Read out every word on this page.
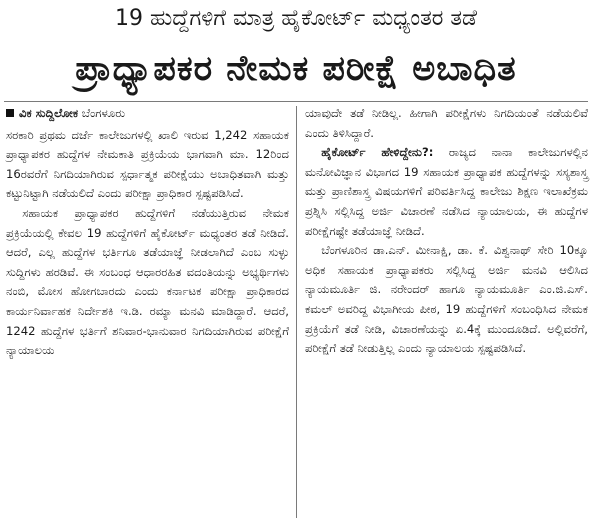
19 ಹುದ್ದೆಗಳಿಗೆ ಮಾತ್ರ ಹೈಕೋರ್ಟ್ ಮಧ್ಯಂತರ ತಡೆ
ಪ್ರಾಧ್ಯಾಪಕರ ನೇಮಕ ಪರೀಕ್ಷೆ ಅಬಾಧಿತ
ವಿಕ ಸುದ್ದಿಲೋಕ ಬೆಂಗಳೂರು

ಸರಕಾರಿ ಪ್ರಥಮ ದರ್ಜೆ ಕಾಲೇಜುಗಳಲ್ಲಿ ಖಾಲಿ ಇರುವ 1,242 ಸಹಾಯಕ ಪ್ರಾಧ್ಯಾಪಕರ ಹುದ್ದೆಗಳ ನೇಮಕಾತಿ ಪ್ರಕ್ರಿಯೆಯ ಭಾಗವಾಗಿ ಮಾ. 12ರಿಂದ 16ರವರೆಗೆ ನಿಗದಿಯಾಗಿರುವ ಸ್ಪರ್ಧಾತ್ಮಕ ಪರೀಕ್ಷೆಯು ಅಬಾಧಿತವಾಗಿ ಮತ್ತು ಕಟ್ಟುನಿಟ್ಟಾಗಿ ನಡೆಯಲಿದೆ ಎಂದು ಪರೀಕ್ಷಾ ಪ್ರಾಧಿಕಾರ ಸ್ಪಷ್ಟಪಡಿಸಿದೆ.

ಸಹಾಯಕ ಪ್ರಾಧ್ಯಾಪಕರ ಹುದ್ದೆಗಳಿಗೆ ನಡೆಯುತ್ತಿರುವ ನೇಮಕ ಪ್ರಕ್ರಿಯೆಯಲ್ಲಿ ಕೇವಲ 19 ಹುದ್ದೆಗಳಿಗೆ ಹೈಕೋರ್ಟ್ ಮಧ್ಯಂತರ ತಡೆ ನೀಡಿದೆ. ಆದರೆ, ಎಲ್ಲ ಹುದ್ದೆಗಳ ಭರ್ತಿಗೂ ತಡೆಯಾಜ್ಞೆ ನೀಡಲಾಗಿದೆ ಎಂಬ ಸುಳ್ಳು ಸುದ್ದಿಗಳು ಹರಡಿವೆ. ಈ ಸಂಬಂಧ ಆಧಾರರಹಿತ ವದಂತಿಯನ್ನು ಅಭ್ಯರ್ಥಿಗಳು ನಂಬಿ, ಮೋಸ ಹೋಗಬಾರದು ಎಂದು ಕರ್ನಾಟಕ ಪರೀಕ್ಷಾ ಪ್ರಾಧಿಕಾರದ ಕಾರ್ಯನಿರ್ವಾಹಕ ನಿರ್ದೇಶಕಿ ಇ.ಡಿ. ರಮ್ಯಾ ಮನವಿ ಮಾಡಿದ್ದಾರೆ. ಆದರೆ, 1242 ಹುದ್ದೆಗಳ ಭರ್ತಿಗೆ ಶನಿವಾರ-ಭಾನುವಾರ ನಿಗದಿಯಾಗಿರುವ ಪರೀಕ್ಷೆಗೆ ನ್ಯಾಯಾಲಯ

ಯಾವುದೇ ತಡೆ ನೀಡಿಲ್ಲ. ಹೀಗಾಗಿ ಪರೀಕ್ಷೆಗಳು ನಿಗದಿಯಂತೆ ನಡೆಯಲಿವೆ ಎಂದು ತಿಳಿಸಿದ್ದಾರೆ.

ಹೈಕೋರ್ಟ್ ಹೇಳಿದ್ದೇನು?: ರಾಜ್ಯದ ನಾನಾ ಕಾಲೇಜುಗಳಲ್ಲಿನ ಮನೋವಿಜ್ಞಾನ ವಿಭಾಗದ 19 ಸಹಾಯಕ ಪ್ರಾಧ್ಯಾಪಕ ಹುದ್ದೆಗಳನ್ನು ಸಸ್ಯಶಾಸ್ತ್ರ ಮತ್ತು ಪ್ರಾಣಿಶಾಸ್ತ್ರ ವಿಷಯಗಳಿಗೆ ಪರಿವರ್ತಿಸಿದ್ದ ಕಾಲೇಜು ಶಿಕ್ಷಣ ಇಲಾಖೆಕ್ರಮ ಪ್ರಶ್ನಿಸಿ ಸಲ್ಲಿಸಿದ್ದ ಅರ್ಜಿ ವಿಚಾರಣೆ ನಡೆಸಿದ ನ್ಯಾಯಾಲಯ, ಈ ಹುದ್ದೆಗಳ ಪರೀಕ್ಷೆಗಷ್ಟೇ ತಡೆಯಾಜ್ಞೆ ನೀಡಿದೆ.

ಬೆಂಗಳೂರಿನ ಡಾ.ಎನ್. ಮೀನಾಕ್ಷಿ, ಡಾ. ಕೆ. ವಿಶ್ವನಾಥ್ ಸೇರಿ 10ಕ್ಕೂ ಅಧಿಕ ಸಹಾಯಕ ಪ್ರಾಧ್ಯಾಪಕರು ಸಲ್ಲಿಸಿದ್ದ ಅರ್ಜಿ ಮನವಿ ಆಲಿಸಿದ ನ್ಯಾಯಮೂರ್ತಿ ಜಿ. ನರೇಂದರ್ ಹಾಗೂ ನ್ಯಾಯಮೂರ್ತಿ ಎಂ.ಜಿ.ಎಸ್. ಕಮಲ್ ಅವರಿದ್ದ ವಿಭಾಗೀಯ ಪೀಠ, 19 ಹುದ್ದೆಗಳಿಗೆ ಸಂಬಂಧಿಸಿದ ನೇಮಕ ಪ್ರಕ್ರಿಯೆಗೆ ತಡೆ ನೀಡಿ, ವಿಚಾರಣೆಯನ್ನು ಏ.4ಕ್ಕೆ ಮುಂದೂಡಿದೆ. ಅಲ್ಲಿವರೆಗೆ, ಪರೀಕ್ಷೆಗೆ ತಡೆ ನೀಡುತ್ತಿಲ್ಲ ಎಂದು ನ್ಯಾಯಾಲಯ ಸ್ಪಷ್ಟಪಡಿಸಿದೆ.
